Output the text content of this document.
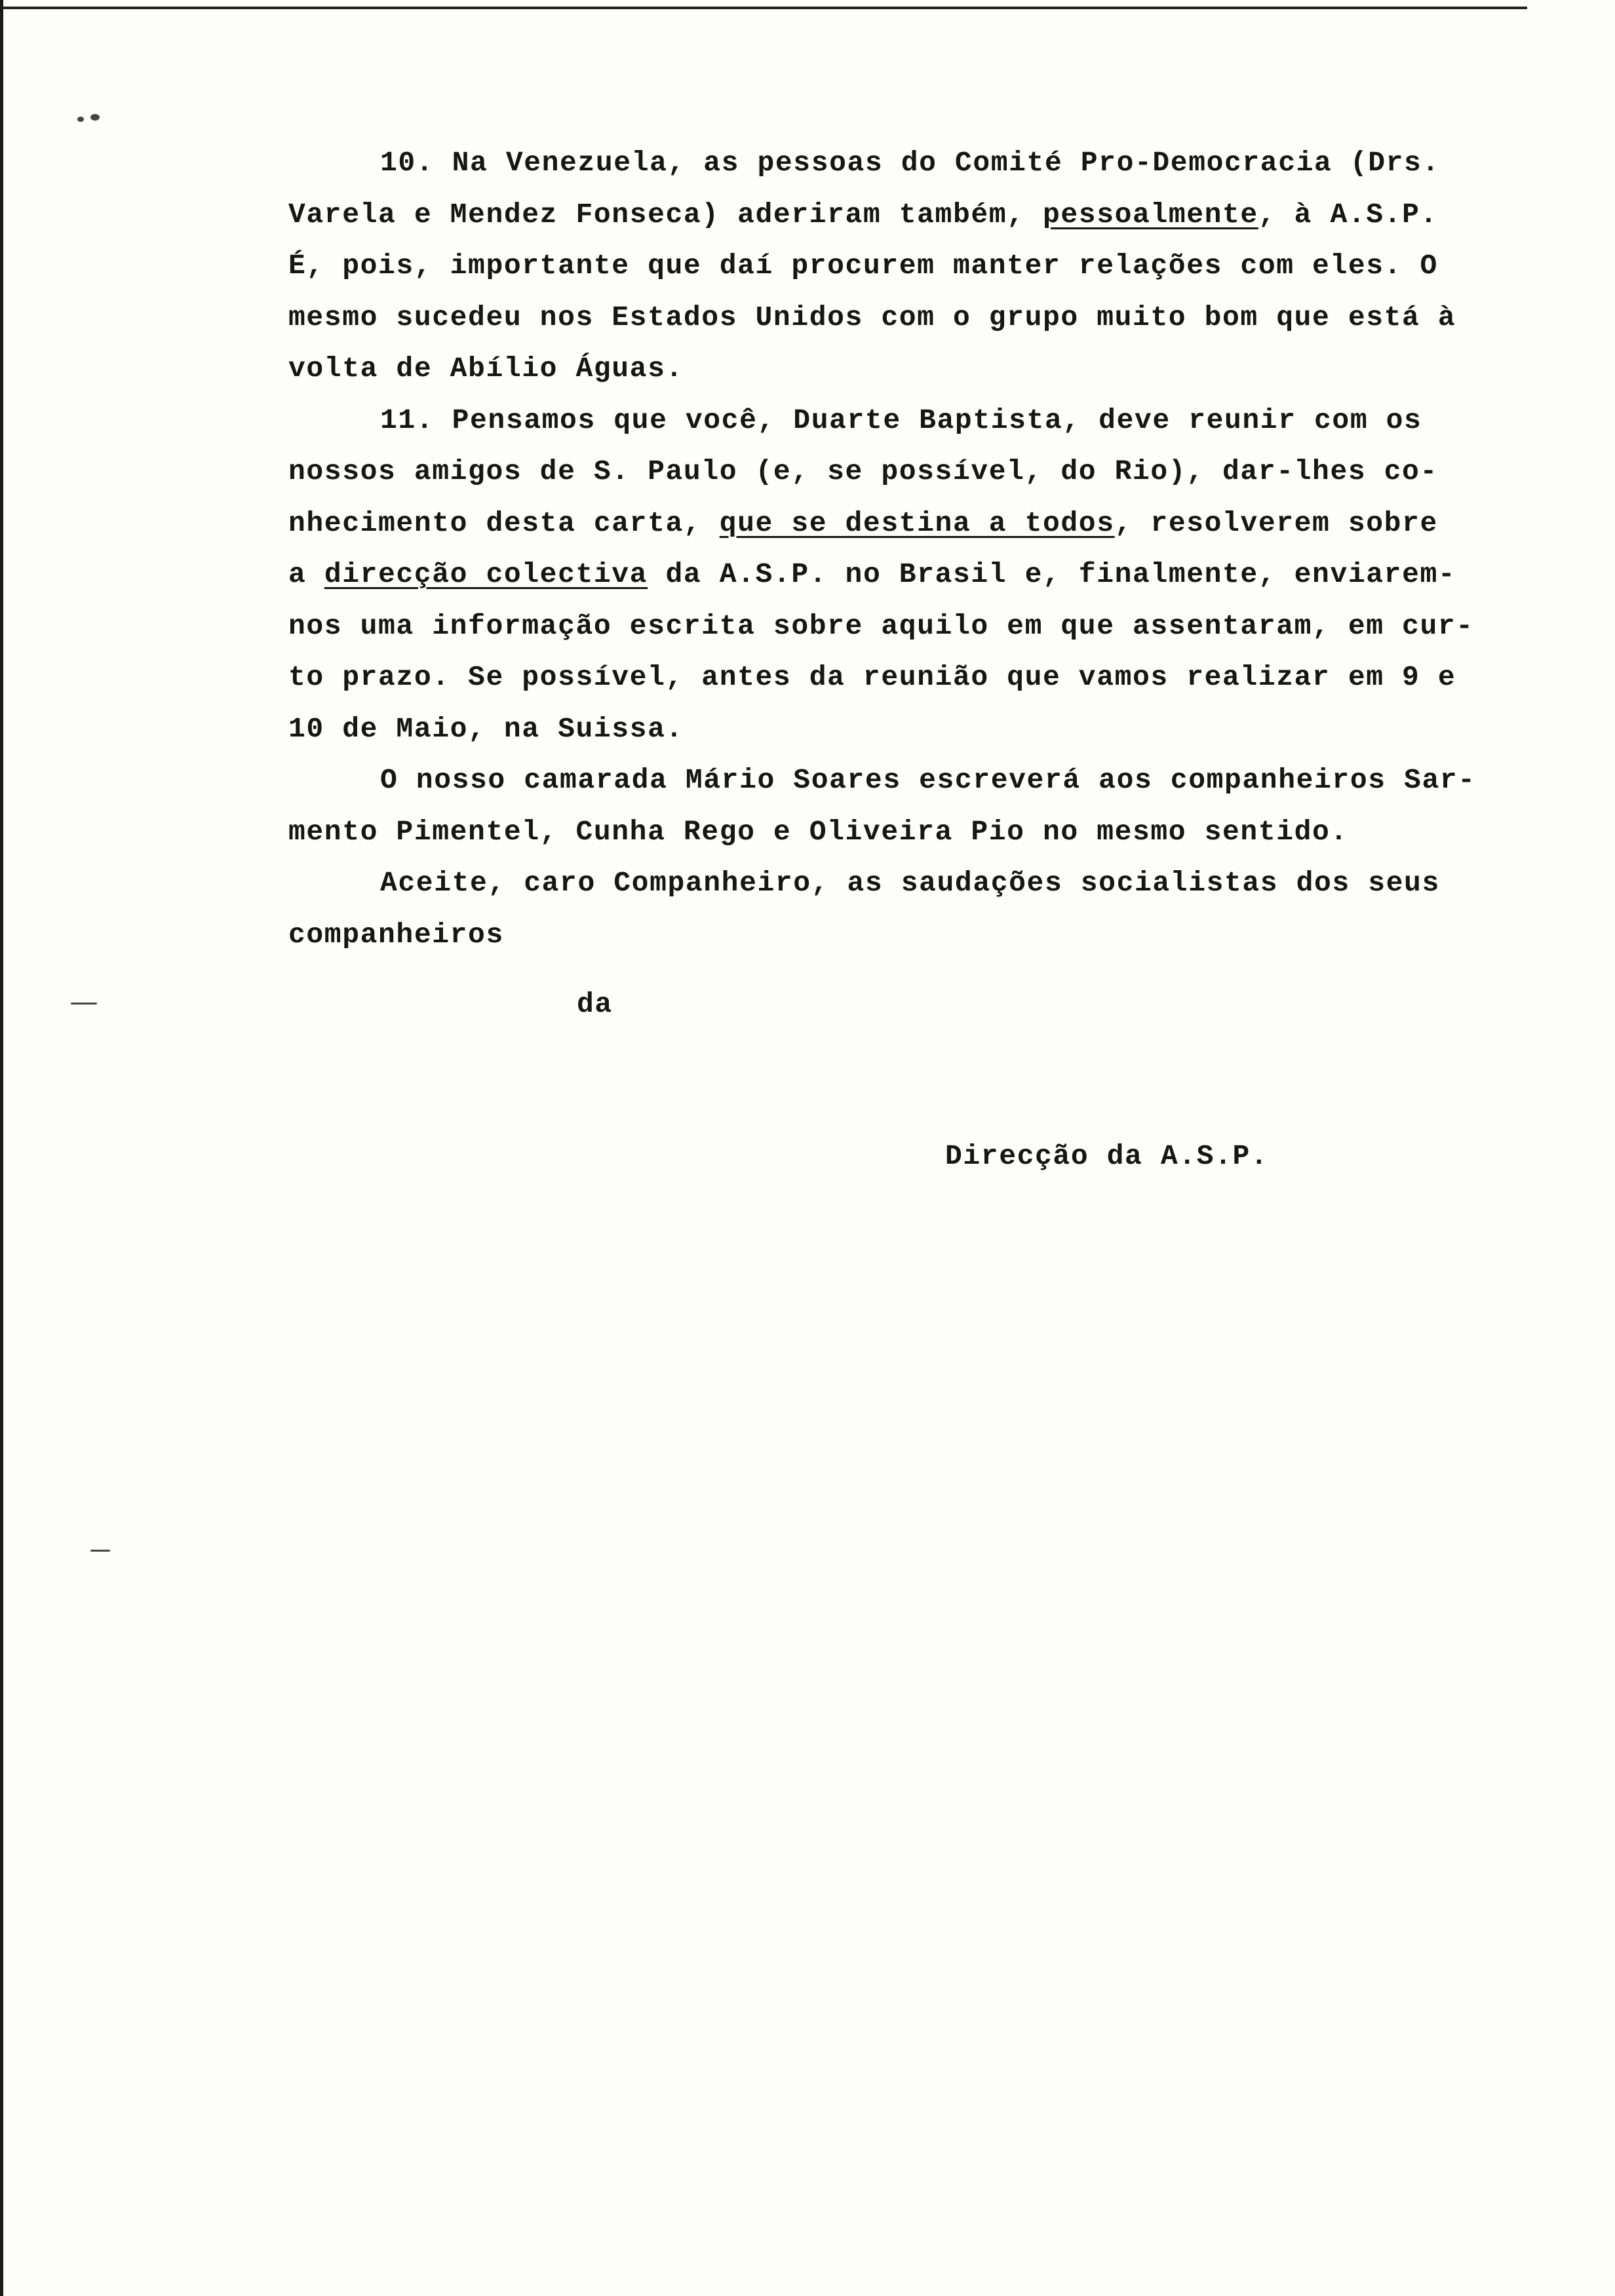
10. Na Venezuela, as pessoas do Comité Pro-Democracia (Drs.
Varela e Mendez Fonseca) aderiram também, pessoalmente, à A.S.P.
É, pois, importante que daí procurem manter relações com eles. O
mesmo sucedeu nos Estados Unidos com o grupo muito bom que está à
volta de Abílio Águas.
11. Pensamos que você, Duarte Baptista, deve reunir com os
nossos amigos de S. Paulo (e, se possível, do Rio), dar-lhes co-
nhecimento desta carta, que se destina a todos, resolverem sobre
a direcção colectiva da A.S.P. no Brasil e, finalmente, enviarem-
nos uma informação escrita sobre aquilo em que assentaram, em cur-
to prazo. Se possível, antes da reunião que vamos realizar em 9 e
10 de Maio, na Suissa.
O nosso camarada Mário Soares escreverá aos companheiros Sar-
mento Pimentel, Cunha Rego e Oliveira Pio no mesmo sentido.
Aceite, caro Companheiro, as saudações socialistas dos seus
companheiros
da
Direcção da A.S.P.
